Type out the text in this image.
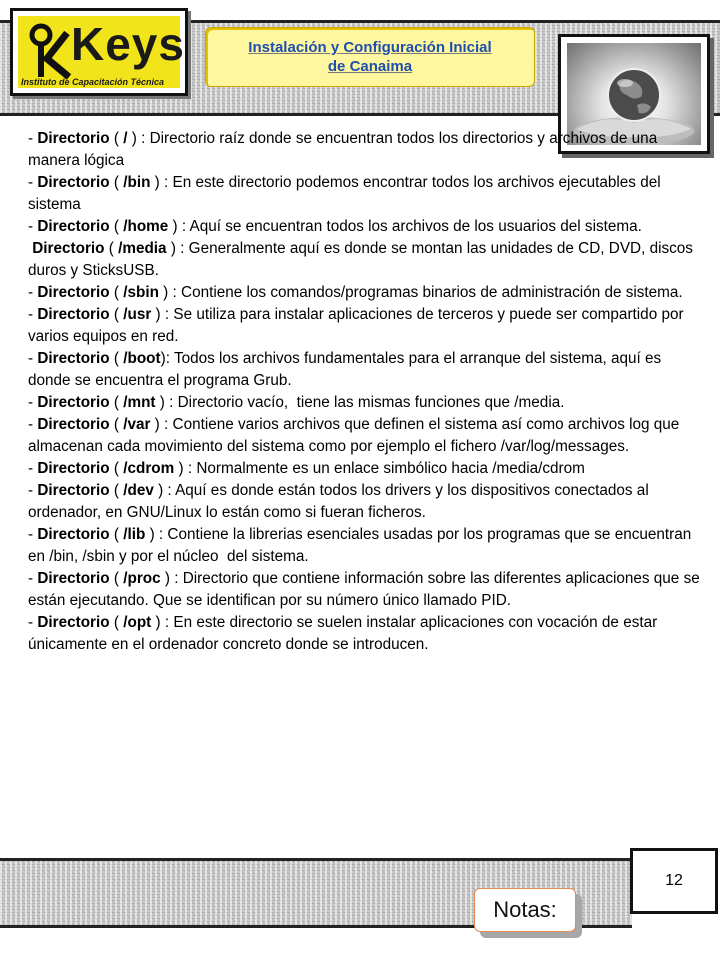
Keys
Instituto de Capacitación Técnica
Instalación y Configuración Inicial
de Canaima

- Directorio ( / ) : Directorio raíz donde se encuentran todos los directorios y archivos de una manera lógica

- Directorio ( /bin ) : En este directorio podemos encontrar todos los archivos ejecutables del sistema

- Directorio ( /home ) : Aquí se encuentran todos los archivos de los usuarios del sistema.

Directorio ( /media ) : Generalmente aquí es donde se montan las unidades de CD, DVD, discos duros y SticksUSB.

- Directorio ( /sbin ) : Contiene los comandos/programas binarios de administración de sistema.

- Directorio ( /usr ) : Se utiliza para instalar aplicaciones de terceros y puede ser compartido por varios equipos en red.

- Directorio ( /boot): Todos los archivos fundamentales para el arranque del sistema, aquí es donde se encuentra el programa Grub.

- Directorio ( /mnt ) : Directorio vacío,  tiene las mismas funciones que /media.

- Directorio ( /var ) : Contiene varios archivos que definen el sistema así como archivos log que almacenan cada movimiento del sistema como por ejemplo el fichero /var/log/messages.

- Directorio ( /cdrom ) : Normalmente es un enlace simbólico hacia /media/cdrom

- Directorio ( /dev ) : Aquí es donde están todos los drivers y los dispositivos conectados al ordenador, en GNU/Linux lo están como si fueran ficheros.

- Directorio ( /lib ) : Contiene la librerias esenciales usadas por los programas que se encuentran en /bin, /sbin y por el núcleo  del sistema.

- Directorio ( /proc ) : Directorio que contiene información sobre las diferentes aplicaciones que se están ejecutando. Que se identifican por su número único llamado PID.

- Directorio ( /opt ) : En este directorio se suelen instalar aplicaciones con vocación de estar únicamente en el ordenador concreto donde se introducen.

12
Notas:
